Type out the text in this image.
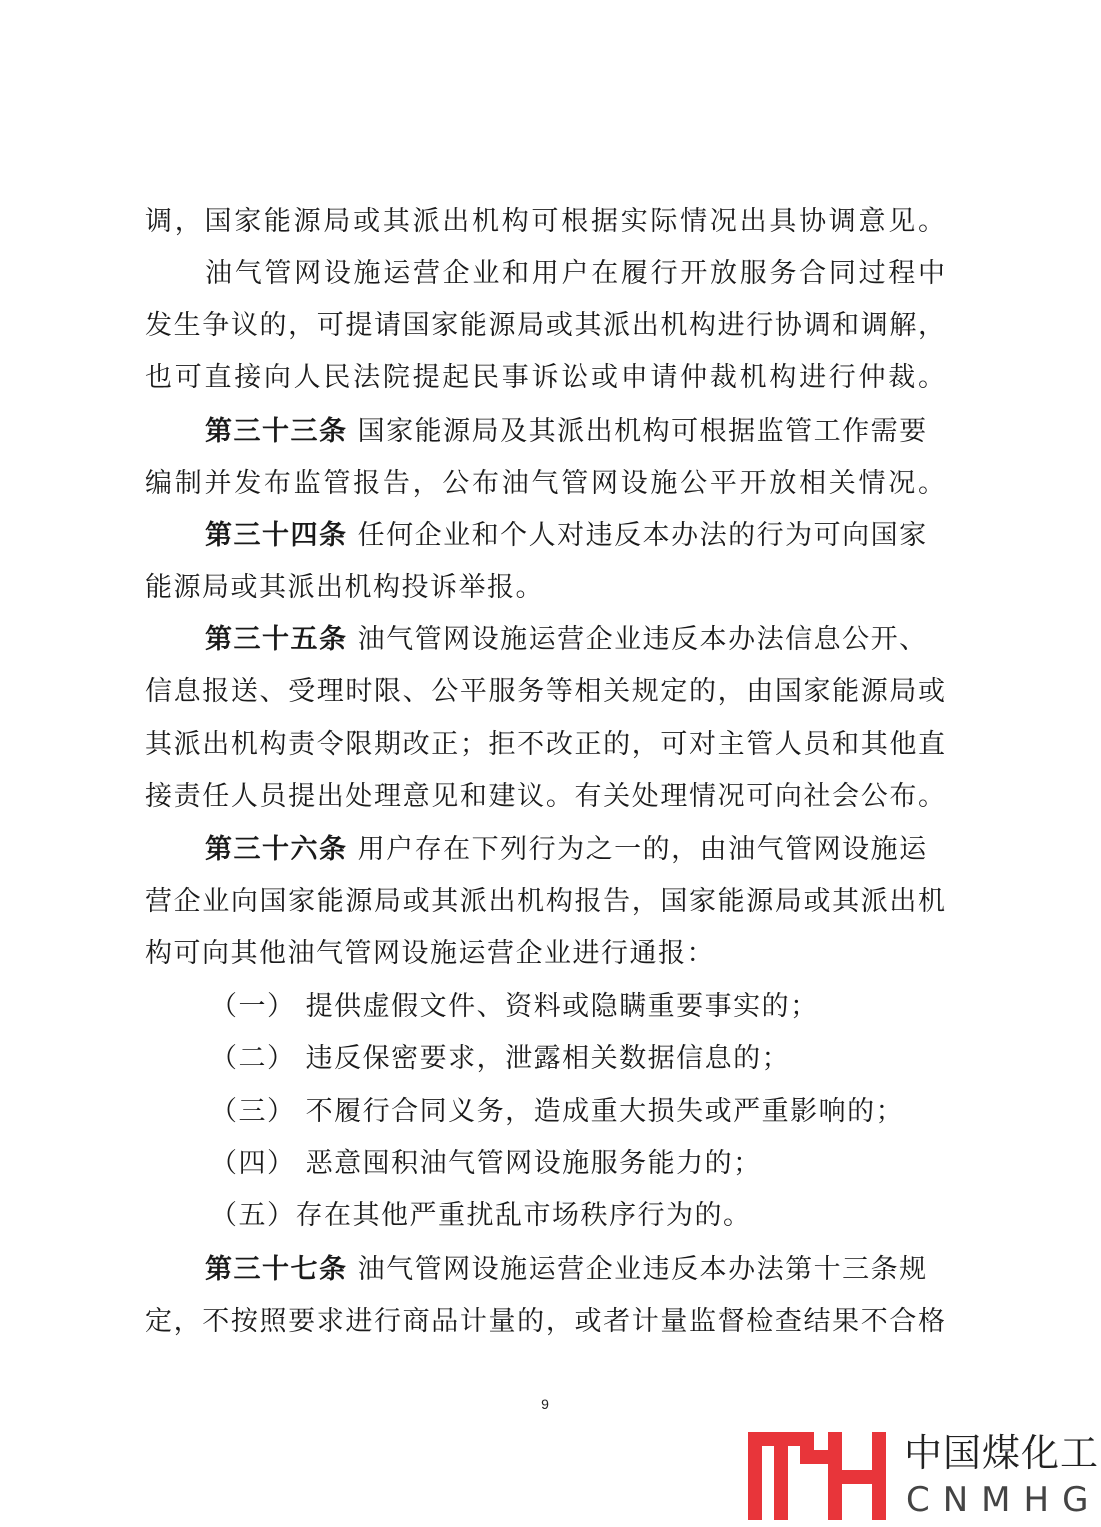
调，国家能源局或其派出机构可根据实际情况出具协调意见。
油气管网设施运营企业和用户在履行开放服务合同过程中
发生争议的，可提请国家能源局或其派出机构进行协调和调解，
也可直接向人民法院提起民事诉讼或申请仲裁机构进行仲裁。
第三十三条 国家能源局及其派出机构可根据监管工作需要
编制并发布监管报告，公布油气管网设施公平开放相关情况。
第三十四条 任何企业和个人对违反本办法的行为可向国家
能源局或其派出机构投诉举报。
第三十五条 油气管网设施运营企业违反本办法信息公开、
信息报送、受理时限、公平服务等相关规定的，由国家能源局或
其派出机构责令限期改正；拒不改正的，可对主管人员和其他直
接责任人员提出处理意见和建议。有关处理情况可向社会公布。
第三十六条 用户存在下列行为之一的，由油气管网设施运
营企业向国家能源局或其派出机构报告，国家能源局或其派出机
构可向其他油气管网设施运营企业进行通报：
（一） 提供虚假文件、资料或隐瞒重要事实的；
（二） 违反保密要求，泄露相关数据信息的；
（三） 不履行合同义务，造成重大损失或严重影响的；
（四） 恶意囤积油气管网设施服务能力的；
（五）存在其他严重扰乱市场秩序行为的。
第三十七条 油气管网设施运营企业违反本办法第十三条规
定，不按照要求进行商品计量的，或者计量监督检查结果不合格
9
中国煤化工
CNMHG
